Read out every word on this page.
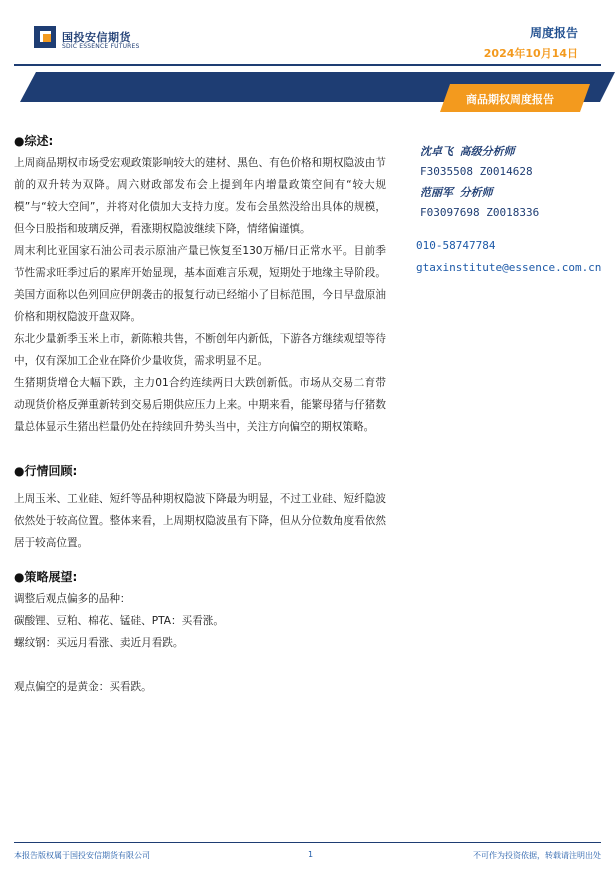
国投安信期货
SDIC ESSENCE FUTURES
周度报告
2024年10月14日
商品期权周度报告
●综述:

上周商品期权市场受宏观政策影响较大的建材、黑色、有色价格和期权隐波由节前的双升转为双降。周六财政部发布会上提到年内增量政策空间有“较大规模”与“较大空间”，并将对化债加大支持力度。发布会虽然没给出具体的规模，但今日股指和玻璃反弹，看涨期权隐波继续下降，情绪偏谨慎。

周末利比亚国家石油公司表示原油产量已恢复至130万桶/日正常水平。目前季节性需求旺季过后的累库开始显现，基本面难言乐观，短期处于地缘主导阶段。美国方面称以色列回应伊朗袭击的报复行动已经缩小了目标范围，今日早盘原油价格和期权隐波开盘双降。

东北少量新季玉米上市，新陈粮共售，不断创年内新低，下游各方继续观望等待中，仅有深加工企业在降价少量收货，需求明显不足。

生猪期货增仓大幅下跌，主力01合约连续两日大跌创新低。市场从交易二育带动现货价格反弹重新转到交易后期供应压力上来。中期来看，能繁母猪与仔猪数量总体显示生猪出栏量仍处在持续回升势头当中，关注方向偏空的期权策略。

●行情回顾:

上周玉米、工业硅、短纤等品种期权隐波下降最为明显，不过工业硅、短纤隐波依然处于较高位置。整体来看，上周期权隐波虽有下降，但从分位数角度看依然居于较高位置。

●策略展望:

调整后观点偏多的品种：

碳酸锂、豆粕、棉花、锰硅、PTA：买看涨。

螺纹钢：买远月看涨、卖近月看跌。

观点偏空的是黄金：买看跌。

沈卓飞 高级分析师
F3035508 Z0014628
范丽军 分析师
F03097698 Z0018336
010-58747784
gtaxinstitute@essence.com.cn
本报告版权属于国投安信期货有限公司	1	不可作为投资依据，转载请注明出处
